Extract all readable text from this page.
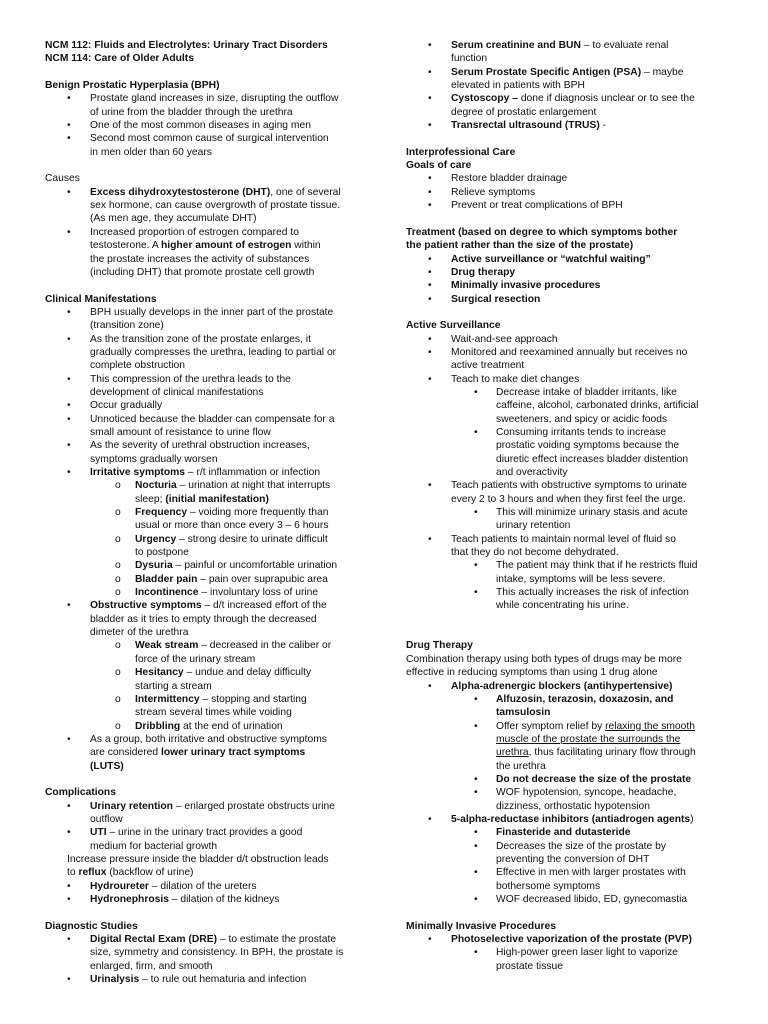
NCM 112: Fluids and Electrolytes: Urinary Tract Disorders
NCM 114: Care of Older Adults
Benign Prostatic Hyperplasia (BPH)
• Prostate gland increases in size, disrupting the outflow
of urine from the bladder through the urethra
• One of the most common diseases in aging men
• Second most common cause of surgical intervention
in men older than 60 years
Causes
• Excess dihydroxytestosterone (DHT), one of several
sex hormone, can cause overgrowth of prostate tissue.
(As men age, they accumulate DHT)
• Increased proportion of estrogen compared to
testosterone. A higher amount of estrogen within
the prostate increases the activity of substances
(including DHT) that promote prostate cell growth
Clinical Manifestations
• BPH usually develops in the inner part of the prostate
(transition zone)
• As the transition zone of the prostate enlarges, it
gradually compresses the urethra, leading to partial or
complete obstruction
• This compression of the urethra leads to the
development of clinical manifestations
• Occur gradually
• Unnoticed because the bladder can compensate for a
small amount of resistance to urine flow
• As the severity of urethral obstruction increases,
symptoms gradually worsen
• Irritative symptoms – r/t inflammation or infection
o Nocturia – urination at night that interrupts
sleep; (initial manifestation)
o Frequency – voiding more frequently than
usual or more than once every 3 – 6 hours
o Urgency – strong desire to urinate difficult
to postpone
o Dysuria – painful or uncomfortable urination
o Bladder pain – pain over suprapubic area
o Incontinence – involuntary loss of urine
• Obstructive symptoms – d/t increased effort of the
bladder as it tries to empty through the decreased
dimeter of the urethra
o Weak stream – decreased in the caliber or
force of the urinary stream
o Hesitancy – undue and delay difficulty
starting a stream
o Intermittency – stopping and starting
stream several times while voiding
o Dribbling at the end of urination
• As a group, both irritative and obstructive symptoms
are considered lower urinary tract symptoms
(LUTS)
Complications
• Urinary retention – enlarged prostate obstructs urine
outflow
• UTI – urine in the urinary tract provides a good
medium for bacterial growth
Increase pressure inside the bladder d/t obstruction leads
to reflux (backflow of urine)
• Hydroureter – dilation of the ureters
• Hydronephrosis – dilation of the kidneys
Diagnostic Studies
• Digital Rectal Exam (DRE) – to estimate the prostate
size, symmetry and consistency. In BPH, the prostate is
enlarged, firm, and smooth
• Urinalysis – to rule out hematuria and infection
• Serum creatinine and BUN – to evaluate renal
function
• Serum Prostate Specific Antigen (PSA) – maybe
elevated in patients with BPH
• Cystoscopy – done if diagnosis unclear or to see the
degree of prostatic enlargement
• Transrectal ultrasound (TRUS) -
Interprofessional Care
Goals of care
• Restore bladder drainage
• Relieve symptoms
• Prevent or treat complications of BPH
Treatment (based on degree to which symptoms bother
the patient rather than the size of the prostate)
• Active surveillance or “watchful waiting”
• Drug therapy
• Minimally invasive procedures
• Surgical resection
Active Surveillance
• Wait-and-see approach
• Monitored and reexamined annually but receives no
active treatment
• Teach to make diet changes
• Decrease intake of bladder irritants, like
caffeine, alcohol, carbonated drinks, artificial
sweeteners, and spicy or acidic foods
• Consuming irritants tends to increase
prostatic voiding symptoms because the
diuretic effect increases bladder distention
and overactivity
• Teach patients with obstructive symptoms to urinate
every 2 to 3 hours and when they first feel the urge.
• This will minimize urinary stasis and acute
urinary retention
• Teach patients to maintain normal level of fluid so
that they do not become dehydrated.
• The patient may think that if he restricts fluid
intake, symptoms will be less severe.
• This actually increases the risk of infection
while concentrating his urine.
Drug Therapy
Combination therapy using both types of drugs may be more
effective in reducing symptoms than using 1 drug alone
• Alpha-adrenergic blockers (antihypertensive)
• Alfuzosin, terazosin, doxazosin, and
tamsulosin
• Offer symptom relief by relaxing the smooth
muscle of the prostate the surrounds the
urethra, thus facilitating urinary flow through
the urethra
• Do not decrease the size of the prostate
• WOF hypotension, syncope, headache,
dizziness, orthostatic hypotension
• 5-alpha-reductase inhibitors (antiadrogen agents)
• Finasteride and dutasteride
• Decreases the size of the prostate by
preventing the conversion of DHT
• Effective in men with larger prostates with
bothersome symptoms
• WOF decreased libido, ED, gynecomastia
Minimally Invasive Procedures
• Photoselective vaporization of the prostate (PVP)
• High-power green laser light to vaporize
prostate tissue
